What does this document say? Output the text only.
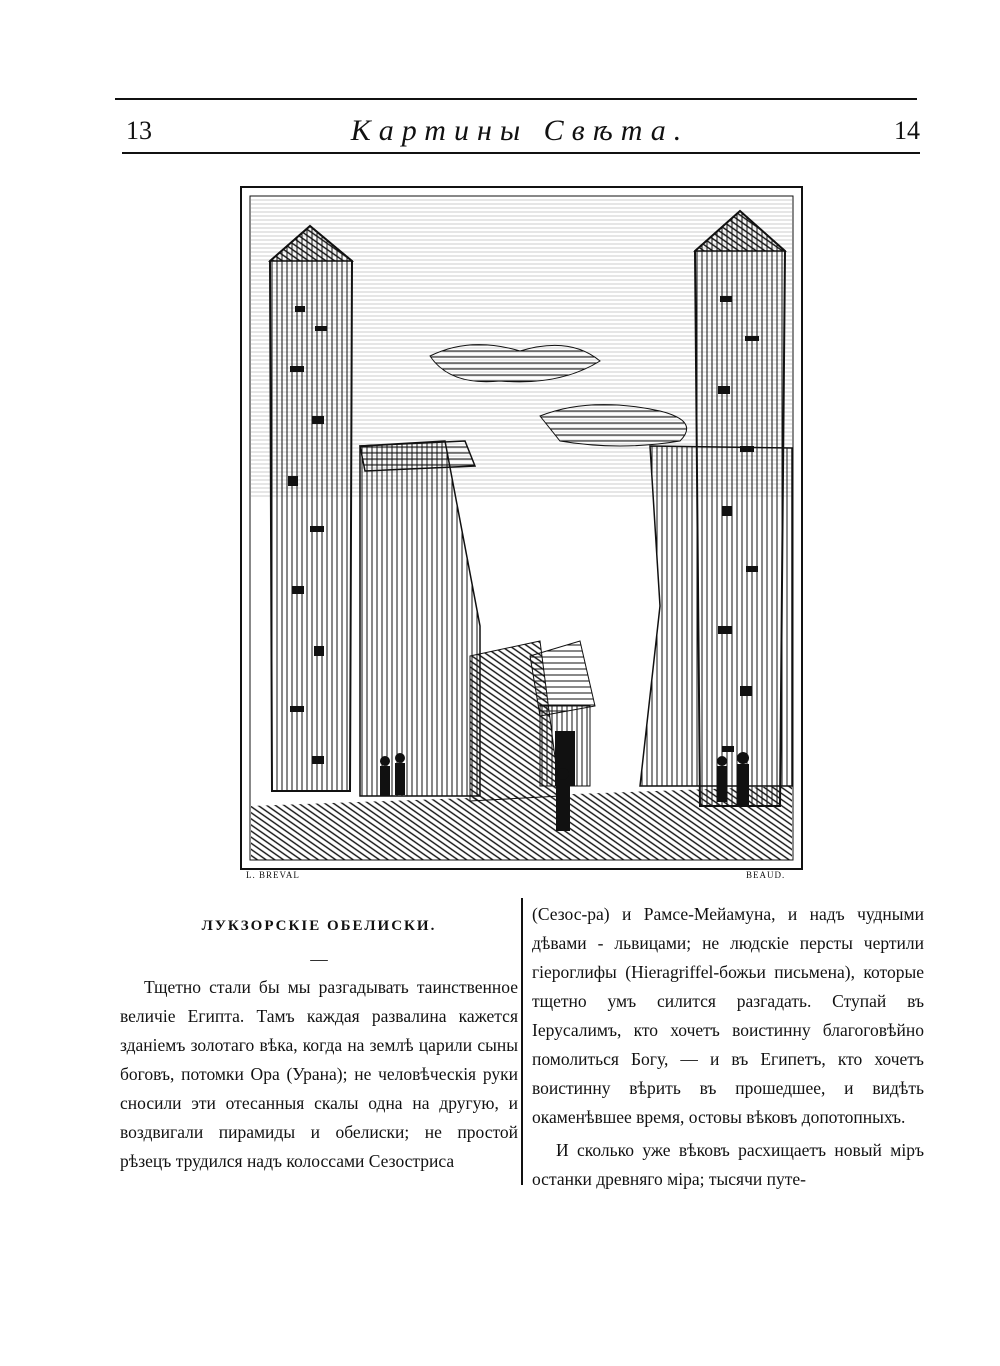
13	Картины Свѣта.	14
L. BREVAL	BEAUD.
ЛУКЗОРСКІЕ ОБЕЛИСКИ.
—

Тщетно стали бы мы разгадывать таинственное величіе Египта. Тамъ каждая развалина кажется зданіемъ золотаго вѣка, когда на землѣ царили сыны боговъ, потомки Ора (Урана); не человѣческія руки сносили эти отесанныя скалы одна на другую, и воздвигали пирамиды и обелиски; не простой рѣзецъ трудился надъ колоссами Сезостриса

(Сезос-ра) и Рамсе-Мейамуна, и надъ чудными дѣвами - львицами; не людскіе персты чертили гіероглифы (Hieragriffel-божьи письмена), которые тщетно умъ силится разгадать. Ступай въ Іерусалимъ, кто хочетъ воистинну благоговѣйно помолиться Богу, — и въ Египетъ, кто хочетъ воистинну вѣрить въ прошедшее, и видѣть окаменѣвшее время, остовы вѣковъ допотопныхъ.

И сколько уже вѣковъ расхищаетъ новый міръ останки древняго міра; тысячи путе-
